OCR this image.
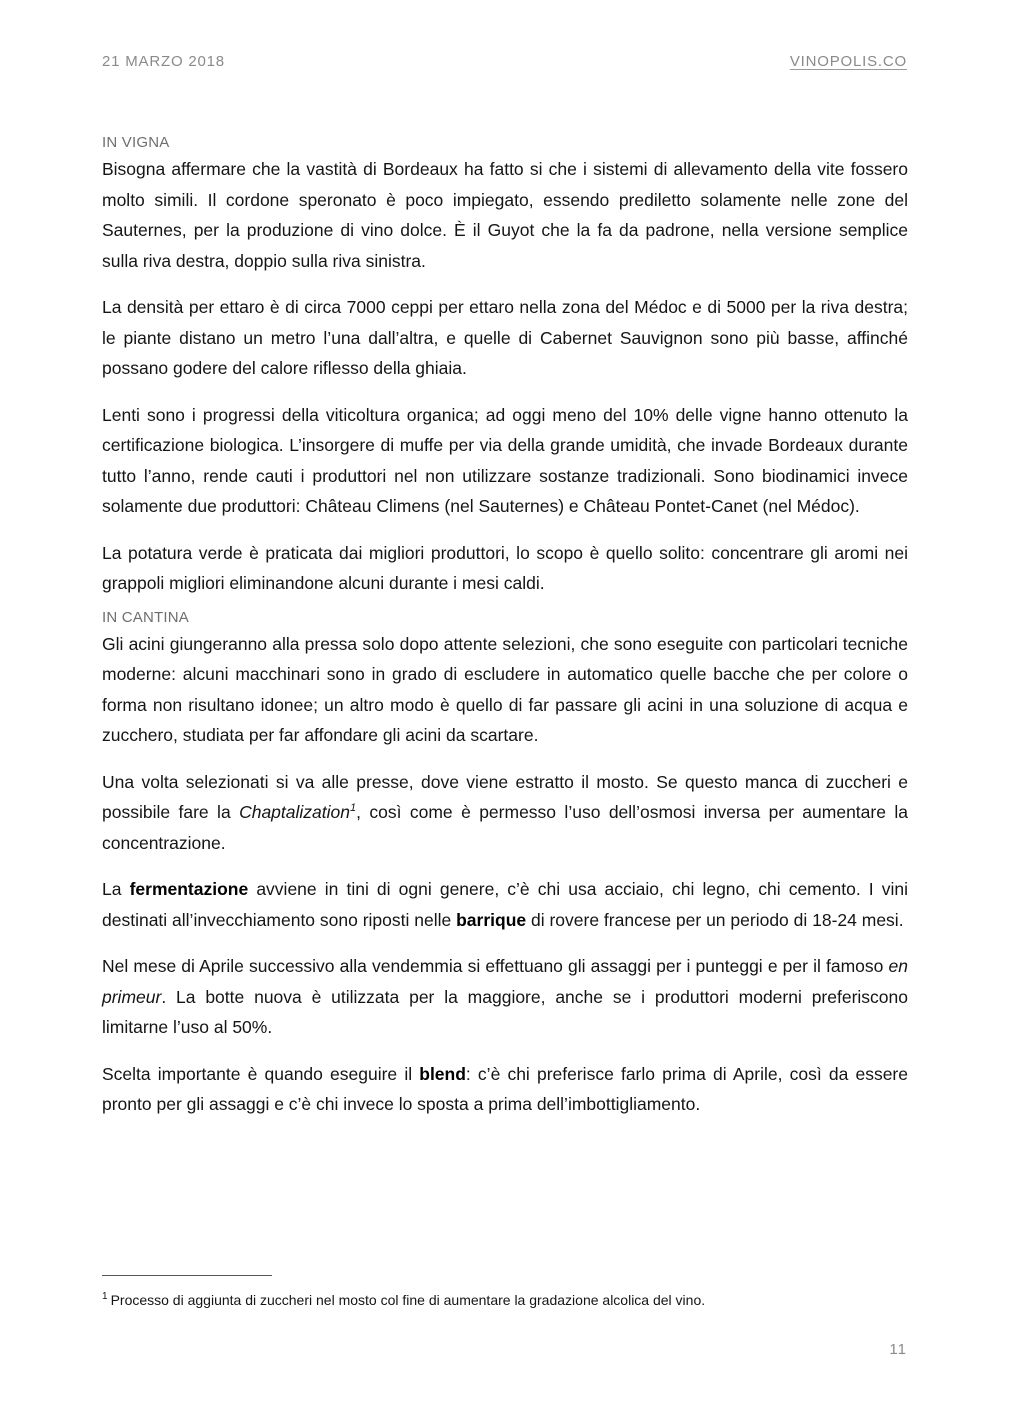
21 MARZO 2018	VINOPOLIS.CO
IN VIGNA

Bisogna affermare che la vastità di Bordeaux ha fatto si che i sistemi di allevamento della vite fossero molto simili. Il cordone speronato è poco impiegato, essendo prediletto solamente nelle zone del Sauternes, per la produzione di vino dolce. È il Guyot che la fa da padrone, nella versione semplice sulla riva destra, doppio sulla riva sinistra.

La densità per ettaro è di circa 7000 ceppi per ettaro nella zona del Médoc e di 5000 per la riva destra; le piante distano un metro l’una dall’altra, e quelle di Cabernet Sauvignon sono più basse, affinché possano godere del calore riflesso della ghiaia.

Lenti sono i progressi della viticoltura organica; ad oggi meno del 10% delle vigne hanno ottenuto la certificazione biologica. L’insorgere di muffe per via della grande umidità, che invade Bordeaux durante tutto l’anno, rende cauti i produttori nel non utilizzare sostanze tradizionali. Sono biodinamici invece solamente due produttori: Château Climens (nel Sauternes) e Château Pontet-Canet (nel Médoc).

La potatura verde è praticata dai migliori produttori, lo scopo è quello solito: concentrare gli aromi nei grappoli migliori eliminandone alcuni durante i mesi caldi.

IN CANTINA

Gli acini giungeranno alla pressa solo dopo attente selezioni, che sono eseguite con particolari tecniche moderne: alcuni macchinari sono in grado di escludere in automatico quelle bacche che per colore o forma non risultano idonee; un altro modo è quello di far passare gli acini in una soluzione di acqua e zucchero, studiata per far affondare gli acini da scartare.

Una volta selezionati si va alle presse, dove viene estratto il mosto. Se questo manca di zuccheri e possibile fare la Chaptalization$^1$, così come è permesso l’uso dell’osmosi inversa per aumentare la concentrazione.

La fermentazione avviene in tini di ogni genere, c’è chi usa acciaio, chi legno, chi cemento. I vini destinati all’invecchiamento sono riposti nelle barrique di rovere francese per un periodo di 18-24 mesi.

Nel mese di Aprile successivo alla vendemmia si effettuano gli assaggi per i punteggi e per il famoso en primeur. La botte nuova è utilizzata per la maggiore, anche se i produttori moderni preferiscono limitarne l’uso al 50%.

Scelta importante è quando eseguire il blend: c’è chi preferisce farlo prima di Aprile, così da essere pronto per gli assaggi e c’è chi invece lo sposta a prima dell’imbottigliamento.

$^1$ Processo di aggiunta di zuccheri nel mosto col fine di aumentare la gradazione alcolica del vino.
11
